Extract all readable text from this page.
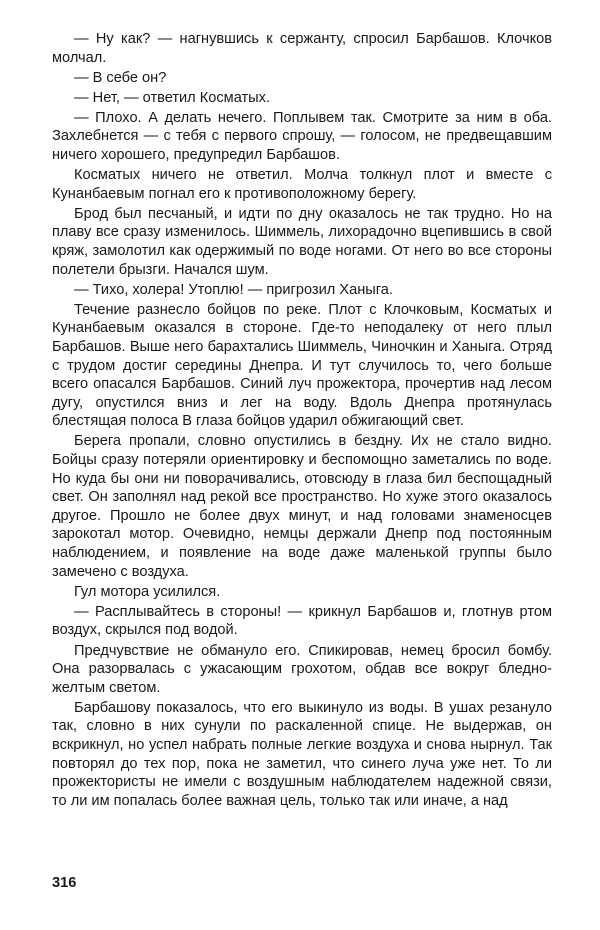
— Ну как? — нагнувшись к сержанту, спросил Барбашов. Клочков молчал.

— В себе он?

— Нет, — ответил Косматых.

— Плохо. А делать нечего. Поплывем так. Смотрите за ним в оба. Захлебнется — с тебя с первого спрошу, — голосом, не предвещавшим ничего хорошего, предупредил Барбашов.

Косматых ничего не ответил. Молча толкнул плот и вместе с Кунанбаевым погнал его к противоположному берегу.

Брод был песчаный, и идти по дну оказалось не так трудно. Но на плаву все сразу изменилось. Шиммель, лихорадочно вцепившись в свой кряж, замолотил как одержимый по воде ногами. От него во все стороны полетели брызги. Начался шум.

— Тихо, холера! Утоплю! — пригрозил Ханыга.

Течение разнесло бойцов по реке. Плот с Клочковым, Косматых и Кунанбаевым оказался в стороне. Где-то неподалеку от него плыл Барбашов. Выше него барахтались Шиммель, Чиночкин и Ханыга. Отряд с трудом достиг середины Днепра. И тут случилось то, чего больше всего опасался Барбашов. Синий луч прожектора, прочертив над лесом дугу, опустился вниз и лег на воду. Вдоль Днепра протянулась блестящая полоса В глаза бойцов ударил обжигающий свет.

Берега пропали, словно опустились в бездну. Их не стало видно. Бойцы сразу потеряли ориентировку и беспомощно заметались по воде. Но куда бы они ни поворачивались, отовсюду в глаза бил беспощадный свет. Он заполнял над рекой все пространство. Но хуже этого оказалось другое. Прошло не более двух минут, и над головами знаменосцев зарокотал мотор. Очевидно, немцы держали Днепр под постоянным наблюдением, и появление на воде даже маленькой группы было замечено с воздуха.

Гул мотора усилился.

— Расплывайтесь в стороны! — крикнул Барбашов и, глотнув ртом воздух, скрылся под водой.

Предчувствие не обмануло его. Спикировав, немец бросил бомбу. Она разорвалась с ужасающим грохотом, обдав все вокруг бледно-желтым светом.

Барбашову показалось, что его выкинуло из воды. В ушах резануло так, словно в них сунули по раскаленной спице. Не выдержав, он вскрикнул, но успел набрать полные легкие воздуха и снова нырнул. Так повторял до тех пор, пока не заметил, что синего луча уже нет. То ли прожектористы не имели с воздушным наблюдателем надежной связи, то ли им попалась более важная цель, только так или иначе, а над

316
